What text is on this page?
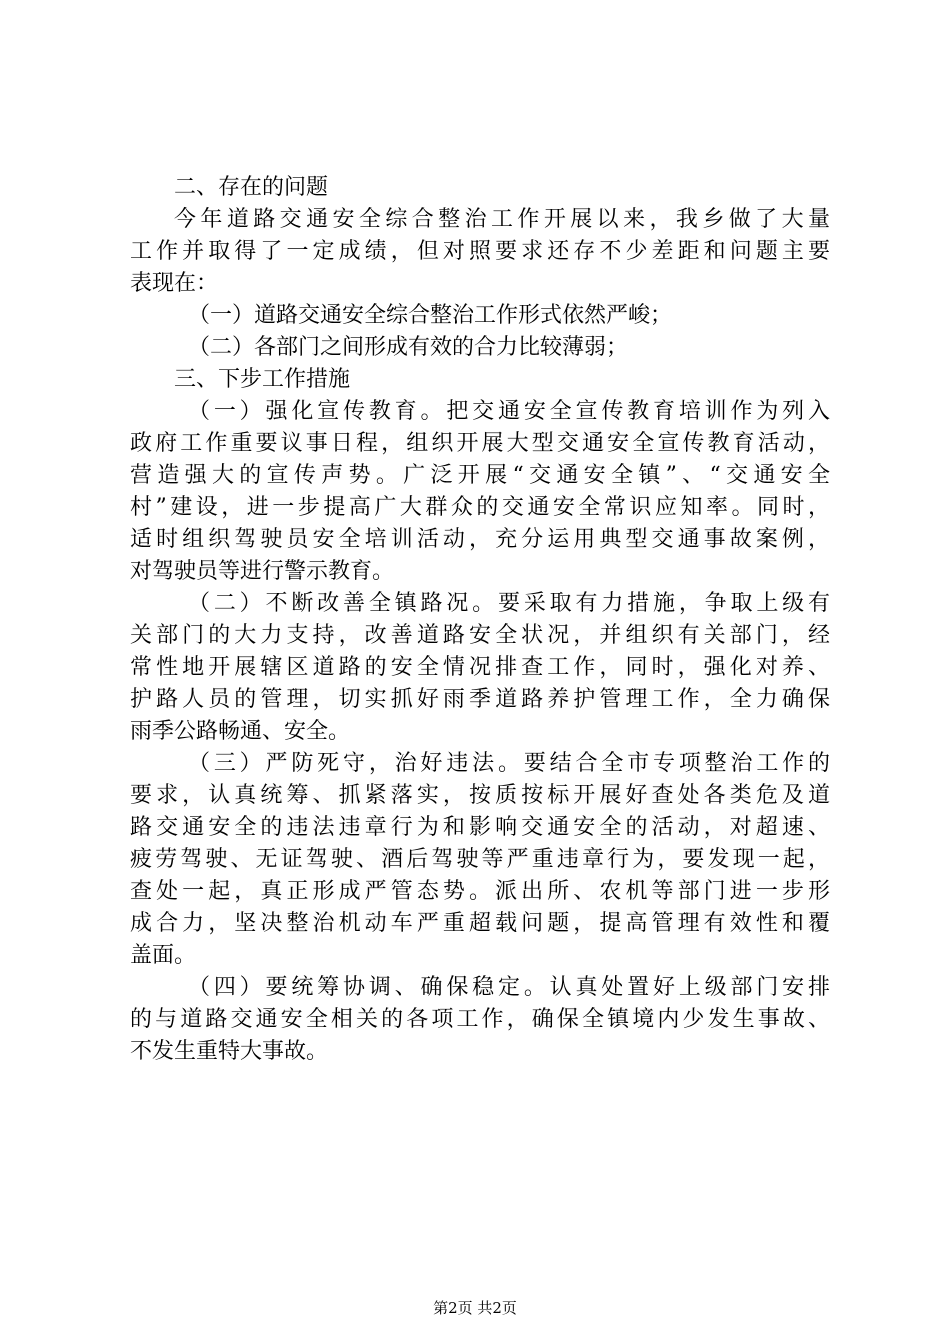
二、存在的问题
今年道路交通安全综合整治工作开展以来，我乡做了大量
工作并取得了一定成绩，但对照要求还存不少差距和问题主要
表现在：
（一）道路交通安全综合整治工作形式依然严峻；
（二）各部门之间形成有效的合力比较薄弱；
三、下步工作措施
（一）强化宣传教育。把交通安全宣传教育培训作为列入
政府工作重要议事日程，组织开展大型交通安全宣传教育活动，
营造强大的宣传声势。广泛开展“交通安全镇”、“交通安全
村”建设，进一步提高广大群众的交通安全常识应知率。同时，
适时组织驾驶员安全培训活动，充分运用典型交通事故案例，
对驾驶员等进行警示教育。
（二）不断改善全镇路况。要采取有力措施，争取上级有
关部门的大力支持，改善道路安全状况，并组织有关部门，经
常性地开展辖区道路的安全情况排查工作，同时，强化对养、
护路人员的管理，切实抓好雨季道路养护管理工作，全力确保
雨季公路畅通、安全。
（三）严防死守，治好违法。要结合全市专项整治工作的
要求，认真统筹、抓紧落实，按质按标开展好查处各类危及道
路交通安全的违法违章行为和影响交通安全的活动，对超速、
疲劳驾驶、无证驾驶、酒后驾驶等严重违章行为，要发现一起，
查处一起，真正形成严管态势。派出所、农机等部门进一步形
成合力，坚决整治机动车严重超载问题，提高管理有效性和覆
盖面。
（四）要统筹协调、确保稳定。认真处置好上级部门安排
的与道路交通安全相关的各项工作，确保全镇境内少发生事故、
不发生重特大事故。
第2页 共2页
